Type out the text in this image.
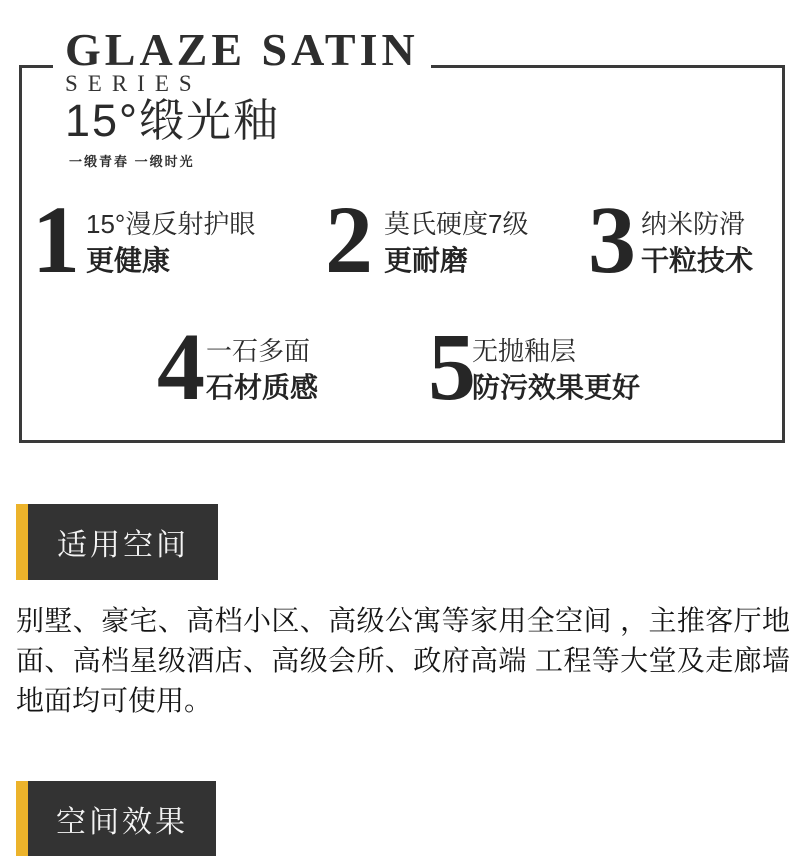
GLAZE SATIN
SERIES
15°缎光釉
一缎青春 一缎时光
1 15°漫反射护眼
更健康	2 莫氏硬度7级
更耐磨	3 纳米防滑
干粒技术
4 一石多面
石材质感 5
无抛釉层
防污效果更好
适用空间
别墅、豪宅、高档小区、高级公寓等家用全空间 ，主推客厅地面、高档星级酒店、高级会所、政府高端 工程等大堂及走廊墙地面均可使用。
空间效果
